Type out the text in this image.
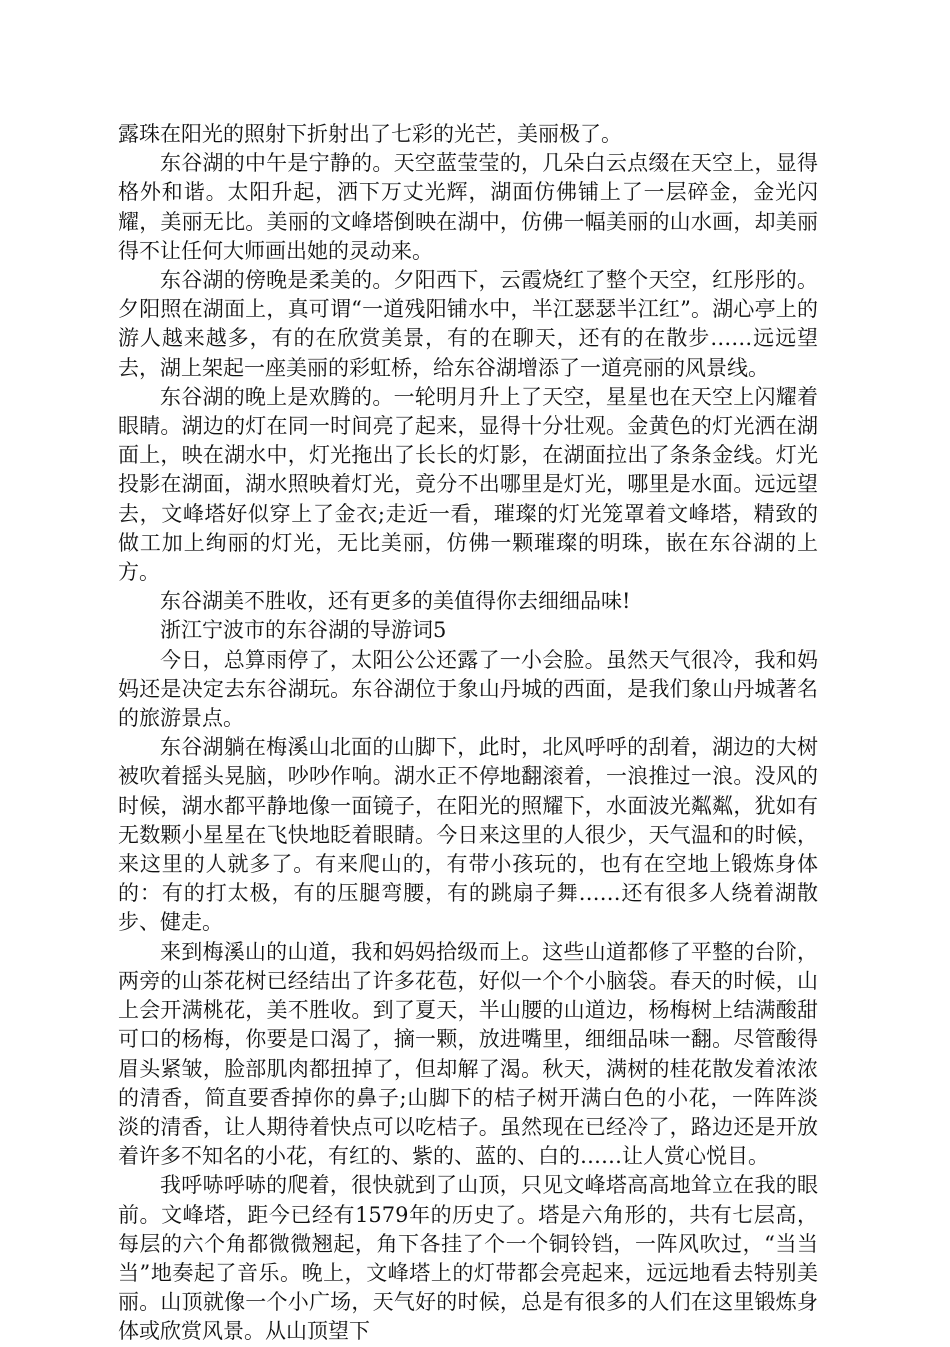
露珠在阳光的照射下折射出了七彩的光芒，美丽极了。

东谷湖的中午是宁静的。天空蓝莹莹的，几朵白云点缀在天空上，显得格外和谐。太阳升起，洒下万丈光辉，湖面仿佛铺上了一层碎金，金光闪耀，美丽无比。美丽的文峰塔倒映在湖中，仿佛一幅美丽的山水画，却美丽得不让任何大师画出她的灵动来。

东谷湖的傍晚是柔美的。夕阳西下，云霞烧红了整个天空，红彤彤的。夕阳照在湖面上，真可谓“一道残阳铺水中，半江瑟瑟半江红”。湖心亭上的游人越来越多，有的在欣赏美景，有的在聊天，还有的在散步……远远望去，湖上架起一座美丽的彩虹桥，给东谷湖增添了一道亮丽的风景线。

东谷湖的晚上是欢腾的。一轮明月升上了天空，星星也在天空上闪耀着眼睛。湖边的灯在同一时间亮了起来，显得十分壮观。金黄色的灯光洒在湖面上，映在湖水中，灯光拖出了长长的灯影，在湖面拉出了条条金线。灯光投影在湖面，湖水照映着灯光，竟分不出哪里是灯光，哪里是水面。远远望去，文峰塔好似穿上了金衣;走近一看，璀璨的灯光笼罩着文峰塔，精致的做工加上绚丽的灯光，无比美丽，仿佛一颗璀璨的明珠，嵌在东谷湖的上方。

东谷湖美不胜收，还有更多的美值得你去细细品味!

浙江宁波市的东谷湖的导游词5

今日，总算雨停了，太阳公公还露了一小会脸。虽然天气很冷，我和妈妈还是决定去东谷湖玩。东谷湖位于象山丹城的西面，是我们象山丹城著名的旅游景点。

东谷湖躺在梅溪山北面的山脚下，此时，北风呼呼的刮着，湖边的大树被吹着摇头晃脑，吵吵作响。湖水正不停地翻滚着，一浪推过一浪。没风的时候，湖水都平静地像一面镜子，在阳光的照耀下，水面波光粼粼，犹如有无数颗小星星在飞快地眨着眼睛。今日来这里的人很少，天气温和的时候，来这里的人就多了。有来爬山的，有带小孩玩的，也有在空地上锻炼身体的：有的打太极，有的压腿弯腰，有的跳扇子舞……还有很多人绕着湖散步、健走。

来到梅溪山的山道，我和妈妈拾级而上。这些山道都修了平整的台阶，两旁的山茶花树已经结出了许多花苞，好似一个个小脑袋。春天的时候，山上会开满桃花，美不胜收。到了夏天，半山腰的山道边，杨梅树上结满酸甜可口的杨梅，你要是口渴了，摘一颗，放进嘴里，细细品味一翻。尽管酸得眉头紧皱，脸部肌肉都扭掉了，但却解了渴。秋天，满树的桂花散发着浓浓的清香，简直要香掉你的鼻子;山脚下的桔子树开满白色的小花，一阵阵淡淡的清香，让人期待着快点可以吃桔子。虽然现在已经冷了，路边还是开放着许多不知名的小花，有红的、紫的、蓝的、白的……让人赏心悦目。

我呼哧呼哧的爬着，很快就到了山顶，只见文峰塔高高地耸立在我的眼前。文峰塔，距今已经有1579年的历史了。塔是六角形的，共有七层高，每层的六个角都微微翘起，角下各挂了个一个铜铃铛，一阵风吹过，“当当当”地奏起了音乐。晚上，文峰塔上的灯带都会亮起来，远远地看去特别美丽。山顶就像一个小广场，天气好的时候，总是有很多的人们在这里锻炼身体或欣赏风景。从山顶望下
